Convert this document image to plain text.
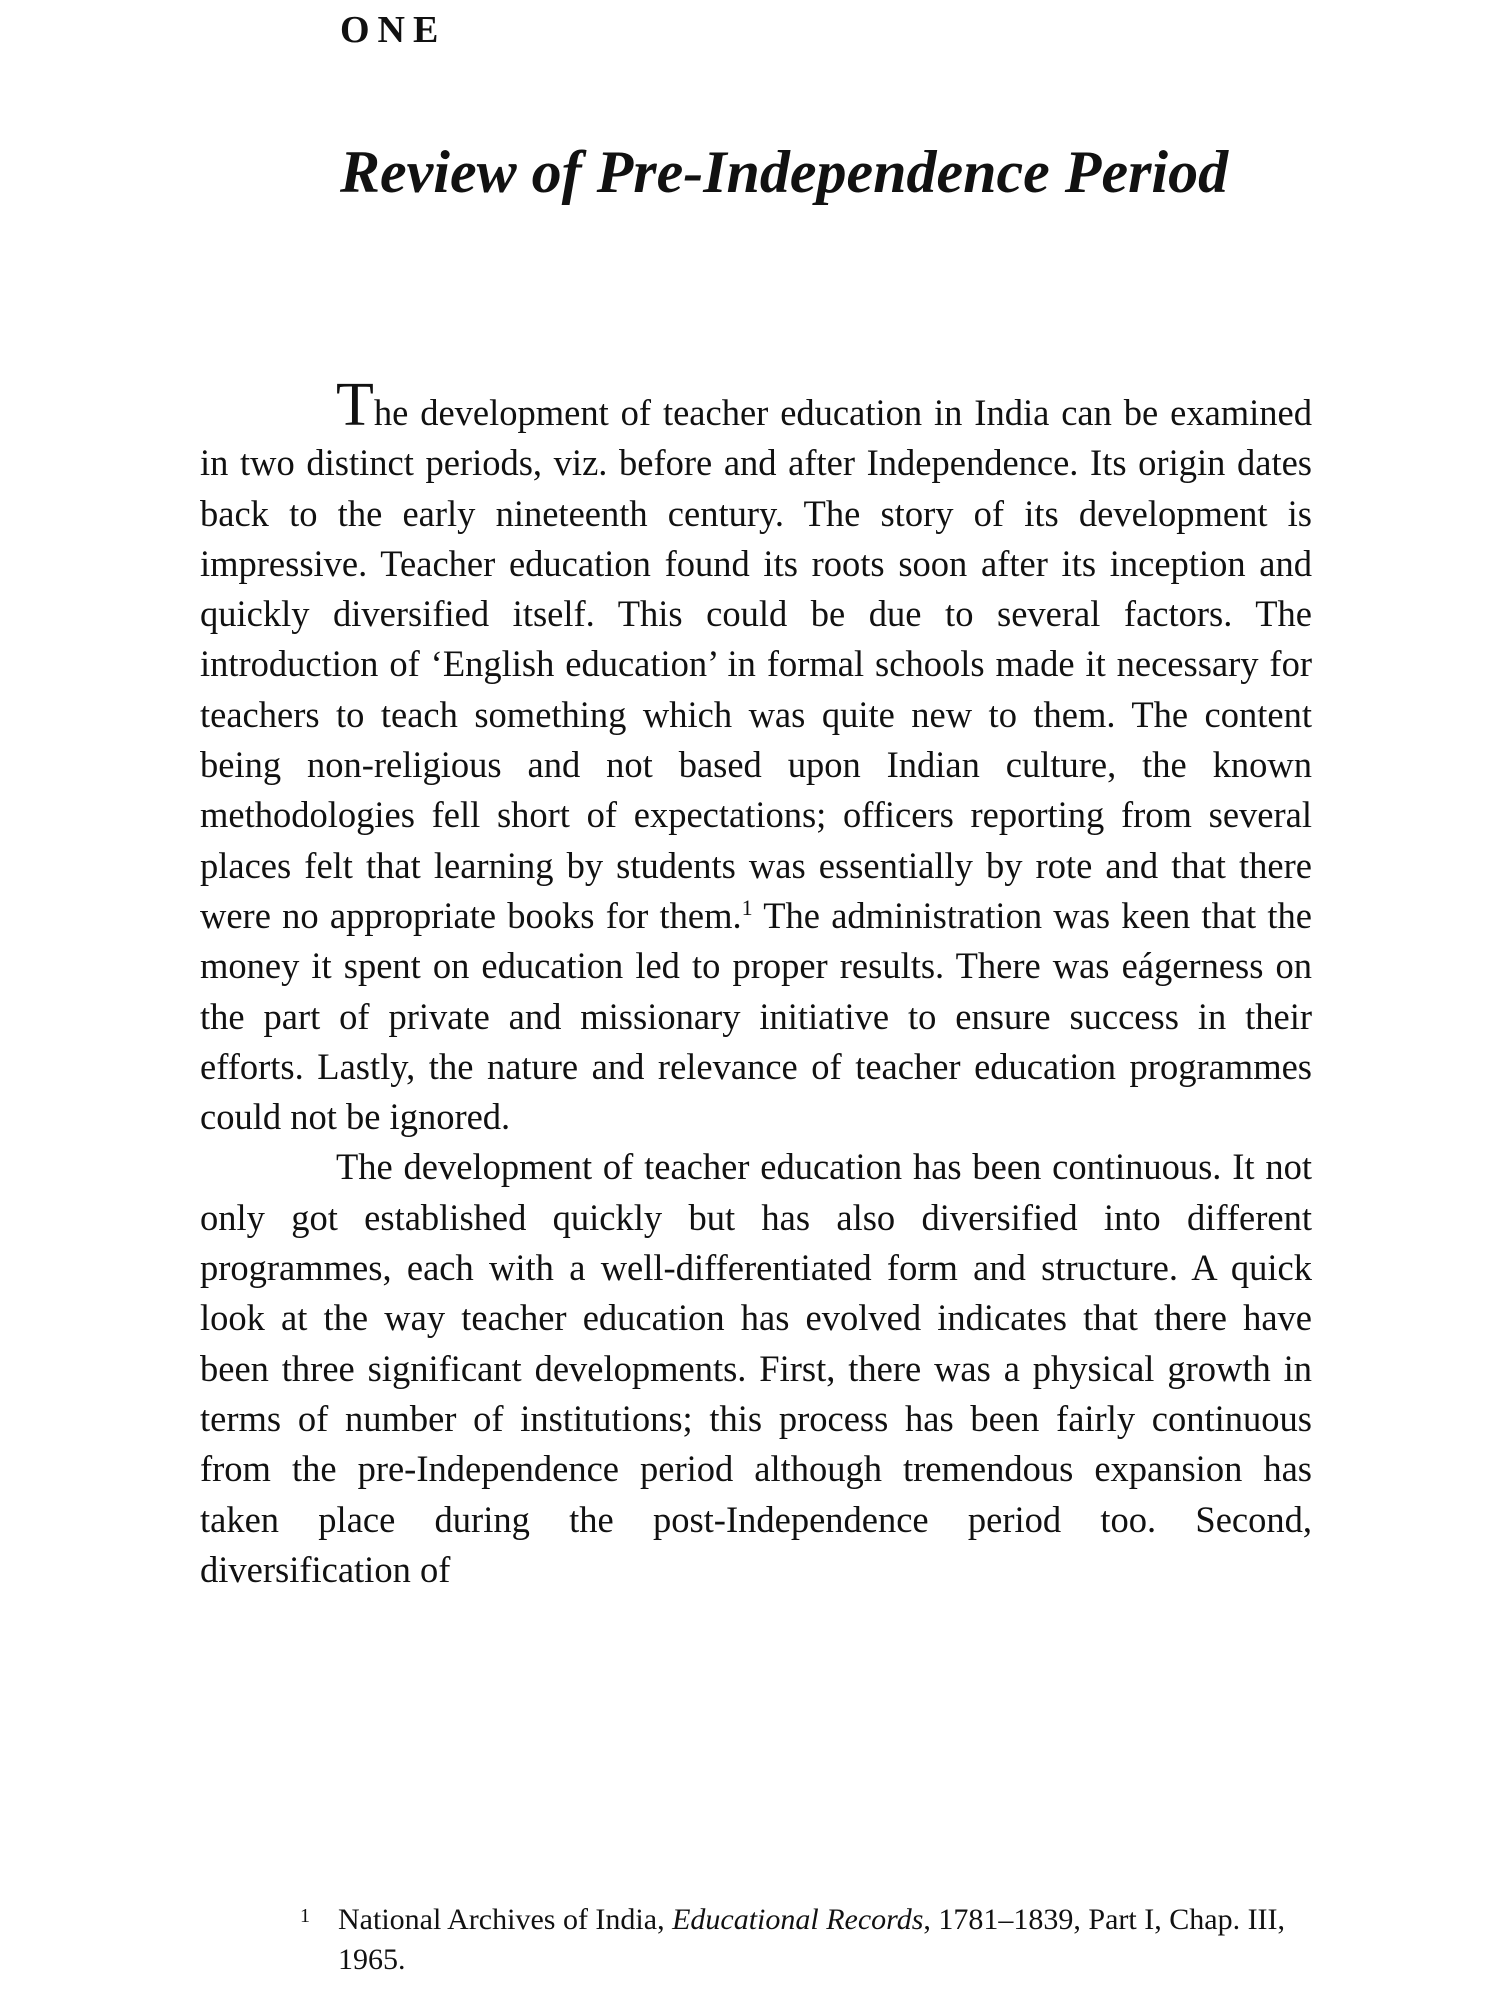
ONE
Review of Pre-Independence Period

The development of teacher education in India can be examined in two distinct periods, viz. before and after Independence. Its origin dates back to the early nineteenth century. The story of its development is impressive. Teacher education found its roots soon after its inception and quickly diversified itself. This could be due to several factors. The introduction of ‘English education’ in formal schools made it necessary for teachers to teach something which was quite new to them. The content being non-religious and not based upon Indian culture, the known methodologies fell short of expectations; officers reporting from several places felt that learning by students was essentially by rote and that there were no appropriate books for them.$^1$ The administration was keen that the money it spent on education led to proper results. There was eágerness on the part of private and missionary initiative to ensure success in their efforts. Lastly, the nature and relevance of teacher education programmes could not be ignored.

The development of teacher education has been continuous. It not only got established quickly but has also diversified into different programmes, each with a well-differentiated form and structure. A quick look at the way teacher education has evolved indicates that there have been three significant developments. First, there was a physical growth in terms of number of institutions; this process has been fairly continuous from the pre-Independence period although tremendous expansion has taken place during the post-Independence period too. Second, diversification of

1 National Archives of India, Educational Records, 1781–1839, Part I, Chap. III, 1965.
